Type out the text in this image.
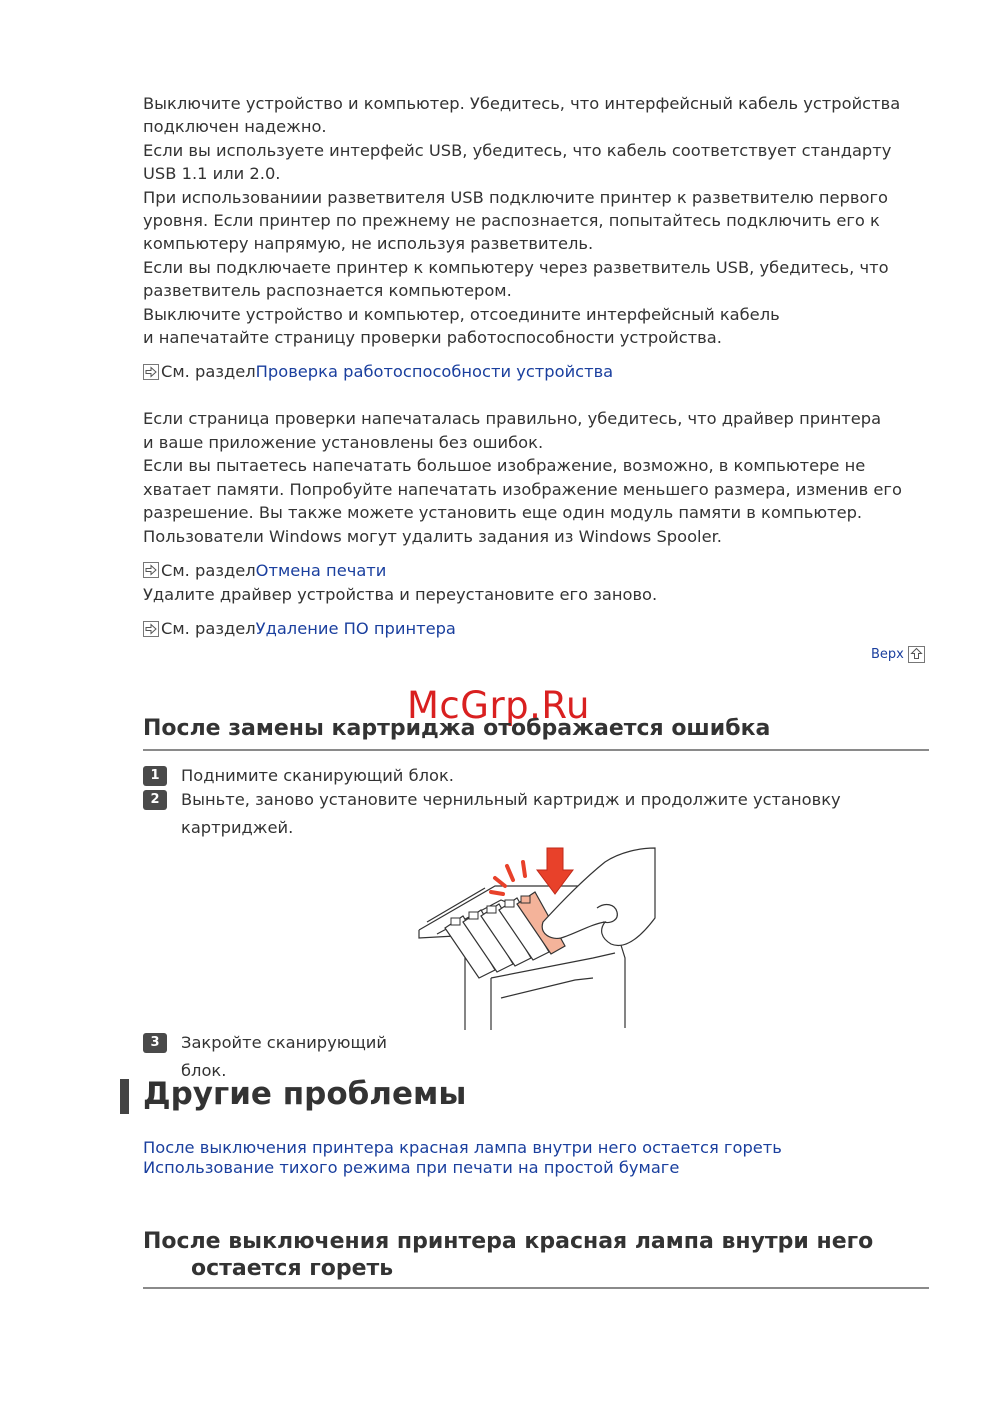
Выключите устройство и компьютер. Убедитесь, что интерфейсный кабель устройства

подключен надежно.

Если вы используете интерфейс USB, убедитесь, что кабель соответствует стандарту

USB 1.1 или 2.0.

При использованиии разветвителя USB подключите принтер к разветвителю первого

уровня. Если принтер по прежнему не распознается, попытайтесь подключить его к

компьютеру напрямую, не используя разветвитель.

Если вы подключаете принтер к компьютеру через разветвитель USB, убедитесь, что

разветвитель распознается компьютером.

Выключите устройство и компьютер, отсоедините интерфейсный кабель

и напечатайте страницу проверки работоспособности устройства.

См. раздел Проверка работоспособности устройства

Если страница проверки напечаталась правильно, убедитесь, что драйвер принтера

и ваше приложение установлены без ошибок.

Если вы пытаетесь напечатать большое изображение, возможно, в компьютере не

хватает памяти. Попробуйте напечатать изображение меньшего размера, изменив его

разрешение. Вы также можете установить еще один модуль памяти в компьютер.

Пользователи Windows могут удалить задания из Windows Spooler.

См. раздел Отмена печати

Удалите драйвер устройства и переустановите его заново.

См. раздел Удаление ПО принтера
Верх
McGrp.Ru
После замены картриджа отображается ошибка
1	Поднимите сканирующий блок.
2	Выньте, заново установите чернильный картридж и продолжите установку
картриджей.
3	Закройте сканирующий
блок.
Другие проблемы
После выключения принтера красная лампа внутри него остается гореть
Использование тихого режима при печати на простой бумаге
После выключения принтера красная лампа внутри него
остается гореть
